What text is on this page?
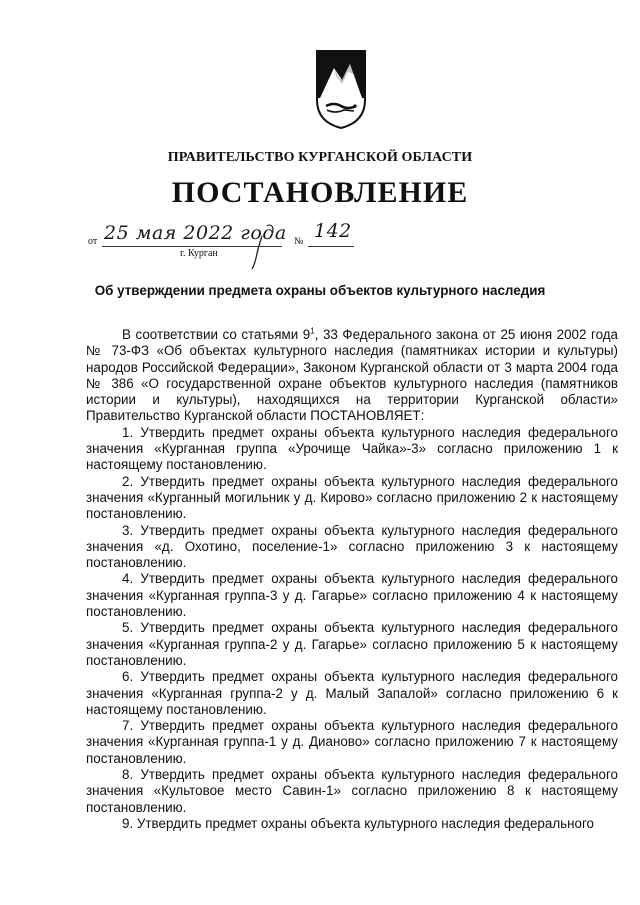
ПРАВИТЕЛЬСТВО КУРГАНСКОЙ ОБЛАСТИ
ПОСТАНОВЛЕНИЕ
от 25 мая 2022 года № 142
г. Курган
Об утверждении предмета охраны объектов культурного наследия

В соответствии со статьями $9^1$, 33 Федерального закона от 25 июня 2002 года № 73-ФЗ «Об объектах культурного наследия (памятниках истории и культуры) народов Российской Федерации», Законом Курганской области от 3 марта 2004 года № 386 «О государственной охране объектов культурного наследия (памятников истории и культуры), находящихся на территории Курганской области» Правительство Курганской области ПОСТАНОВЛЯЕТ:

1. Утвердить предмет охраны объекта культурного наследия федерального значения «Курганная группа «Урочище Чайка»-3» согласно приложению 1 к настоящему постановлению.

2. Утвердить предмет охраны объекта культурного наследия федерального значения «Курганный могильник у д. Кирово» согласно приложению 2 к настоящему постановлению.

3. Утвердить предмет охраны объекта культурного наследия федерального значения «д. Охотино, поселение-1» согласно приложению 3 к настоящему постановлению.

4. Утвердить предмет охраны объекта культурного наследия федерального значения «Курганная группа-3 у д. Гагарье» согласно приложению 4 к настоящему постановлению.

5. Утвердить предмет охраны объекта культурного наследия федерального значения «Курганная группа-2 у д. Гагарье» согласно приложению 5 к настоящему постановлению.

6. Утвердить предмет охраны объекта культурного наследия федерального значения «Курганная группа-2 у д. Малый Запалой» согласно приложению 6 к настоящему постановлению.

7. Утвердить предмет охраны объекта культурного наследия федерального значения «Курганная группа-1 у д. Дианово» согласно приложению 7 к настоящему постановлению.

8. Утвердить предмет охраны объекта культурного наследия федерального значения «Культовое место Савин-1» согласно приложению 8 к настоящему постановлению.

9. Утвердить предмет охраны объекта культурного наследия федерального
